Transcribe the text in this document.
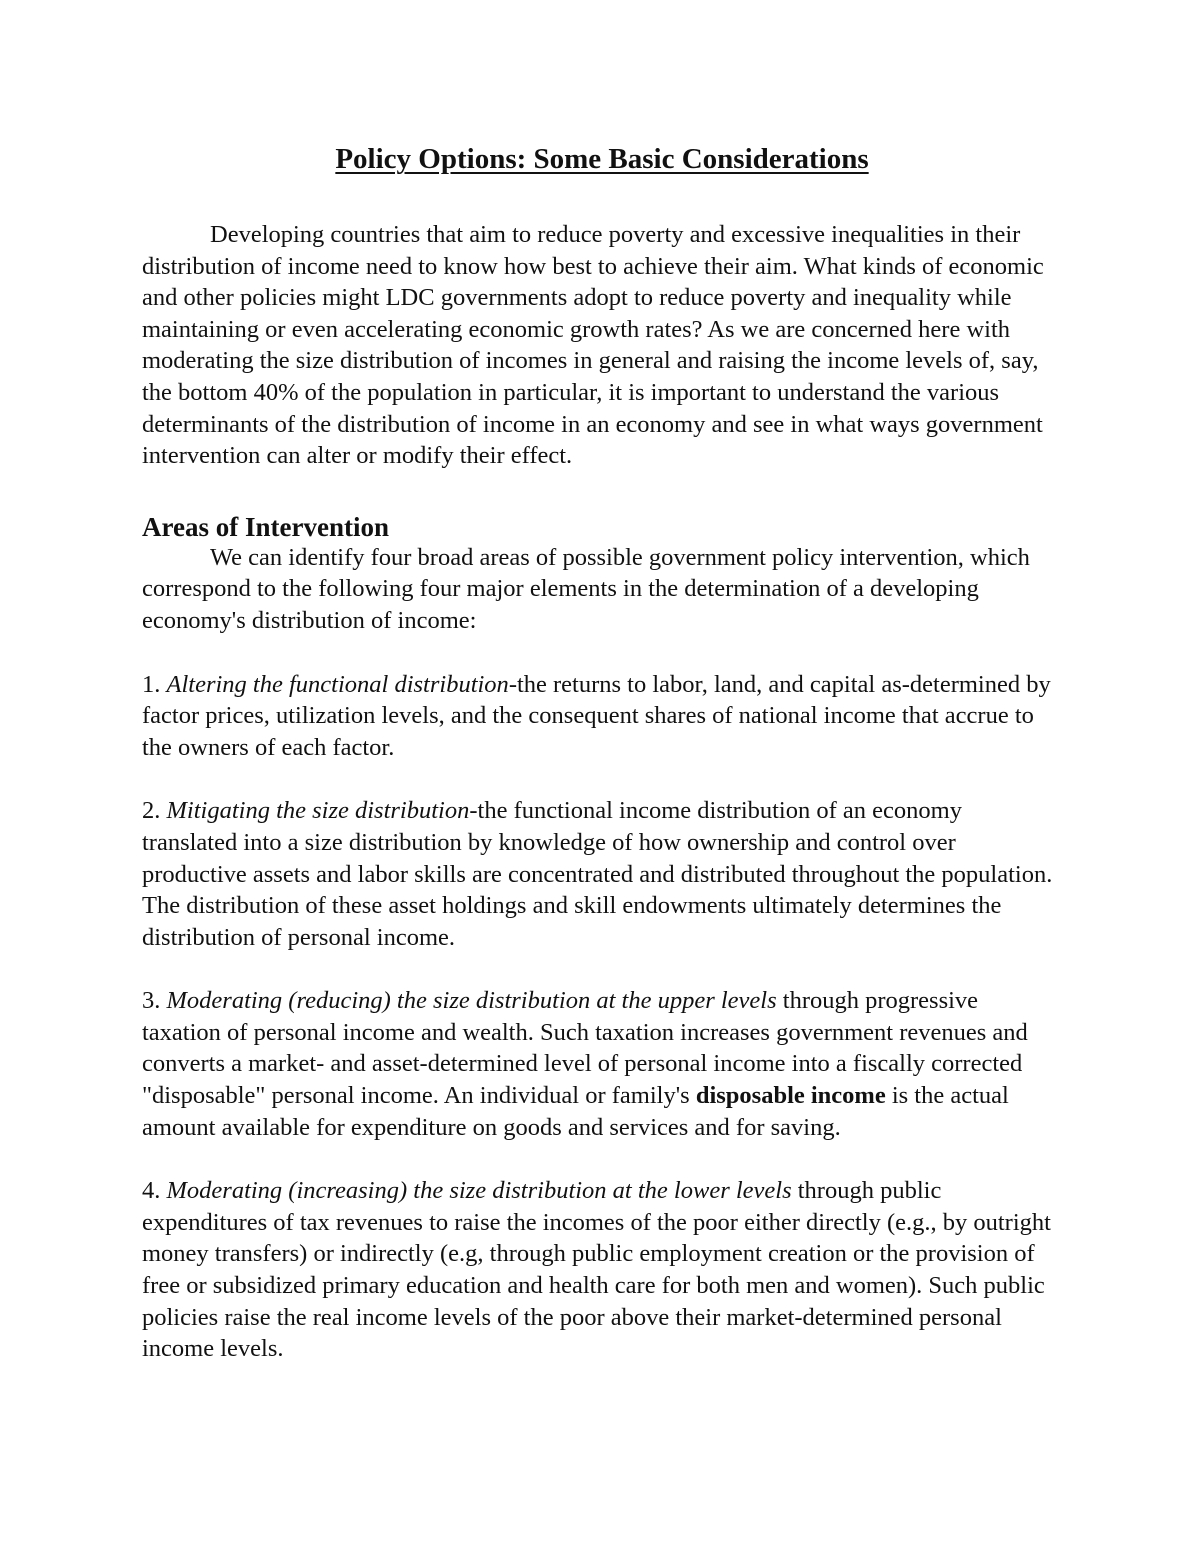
Policy Options: Some Basic Considerations

Developing countries that aim to reduce poverty and excessive inequalities in their distribution of income need to know how best to achieve their aim. What kinds of economic and other policies might LDC governments adopt to reduce poverty and inequality while maintaining or even accelerating economic growth rates? As we are concerned here with moderating the size distribution of incomes in general and raising the income levels of, say, the bottom 40% of the population in particular, it is important to understand the various determinants of the distribution of income in an economy and see in what ways government intervention can alter or modify their effect.

Areas of Intervention

We can identify four broad areas of possible government policy intervention, which correspond to the following four major elements in the determination of a developing economy's distribution of income:

1. Altering the functional distribution-the returns to labor, land, and capital as-determined by factor prices, utilization levels, and the consequent shares of national income that accrue to the owners of each factor.

2. Mitigating the size distribution-the functional income distribution of an economy translated into a size distribution by knowledge of how ownership and control over productive assets and labor skills are concentrated and distributed throughout the population. The distribution of these asset holdings and skill endowments ultimately determines the distribution of personal income.

3. Moderating (reducing) the size distribution at the upper levels through progressive taxation of personal income and wealth. Such taxation increases government revenues and converts a market- and asset-determined level of personal income into a fiscally corrected "disposable" personal income. An individual or family's disposable income is the actual amount available for expenditure on goods and services and for saving.

4. Moderating (increasing) the size distribution at the lower levels through public expenditures of tax revenues to raise the incomes of the poor either directly (e.g., by outright money transfers) or indirectly (e.g, through public employment creation or the provision of free or subsidized primary education and health care for both men and women). Such public policies raise the real income levels of the poor above their market-determined personal income levels.
